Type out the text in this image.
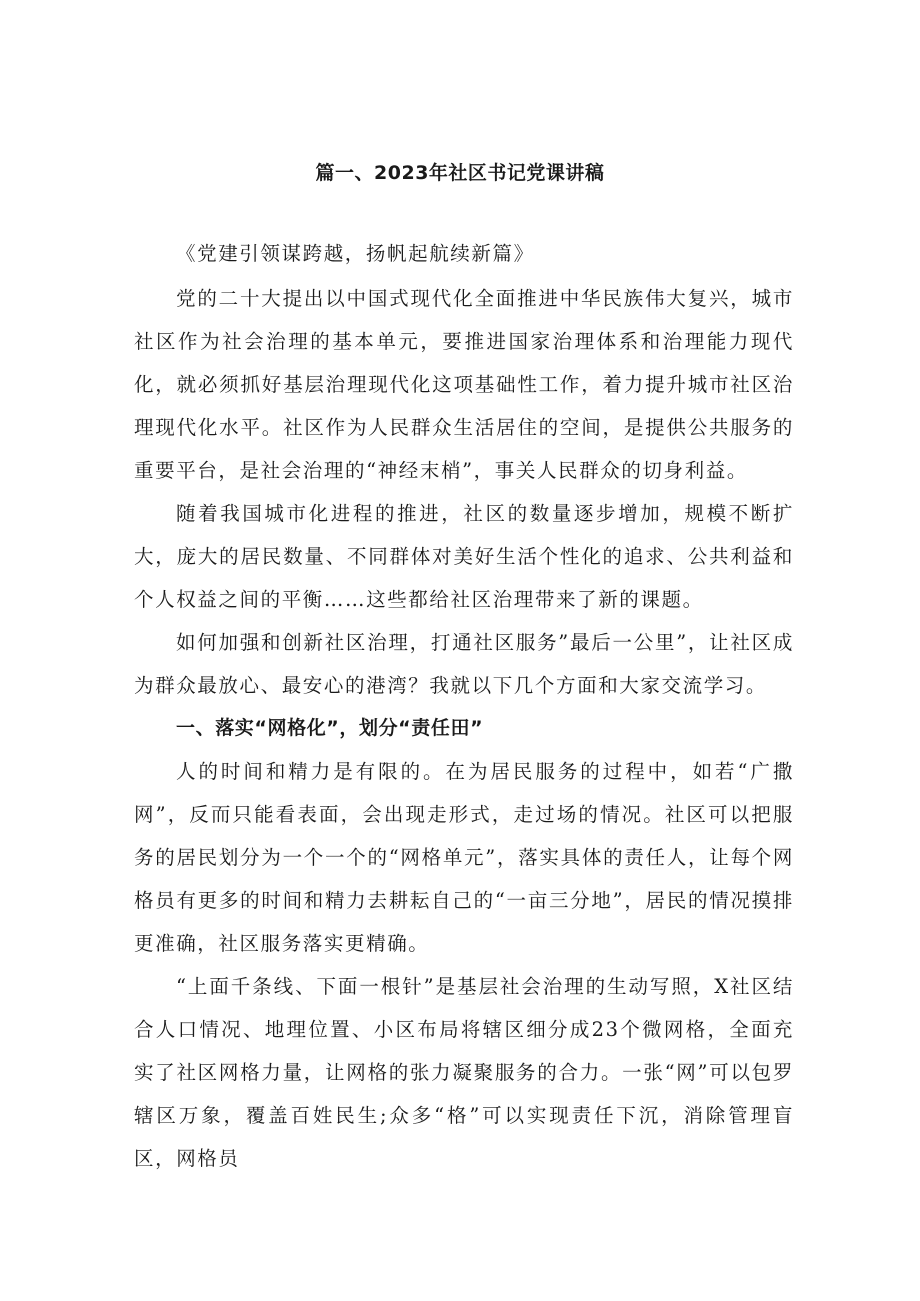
篇一、2023年社区书记党课讲稿

《党建引领谋跨越，扬帆起航续新篇》

党的二十大提出以中国式现代化全面推进中华民族伟大复兴，城市社区作为社会治理的基本单元，要推进国家治理体系和治理能力现代化，就必须抓好基层治理现代化这项基础性工作，着力提升城市社区治理现代化水平。社区作为人民群众生活居住的空间，是提供公共服务的重要平台，是社会治理的“神经末梢”，事关人民群众的切身利益。

随着我国城市化进程的推进，社区的数量逐步增加，规模不断扩大，庞大的居民数量、不同群体对美好生活个性化的追求、公共利益和个人权益之间的平衡……这些都给社区治理带来了新的课题。

如何加强和创新社区治理，打通社区服务”最后一公里”，让社区成为群众最放心、最安心的港湾？我就以下几个方面和大家交流学习。

一、落实“网格化”，划分“责任田”

人的时间和精力是有限的。在为居民服务的过程中，如若“广撒网”，反而只能看表面，会出现走形式，走过场的情况。社区可以把服务的居民划分为一个一个的“网格单元”，落实具体的责任人，让每个网格员有更多的时间和精力去耕耘自己的“一亩三分地”，居民的情况摸排更准确，社区服务落实更精确。

“上面千条线、下面一根针”是基层社会治理的生动写照，X社区结合人口情况、地理位置、小区布局将辖区细分成23个微网格，全面充实了社区网格力量，让网格的张力凝聚服务的合力。一张“网”可以包罗辖区万象，覆盖百姓民生;众多“格”可以实现责任下沉，消除管理盲区，网格员
